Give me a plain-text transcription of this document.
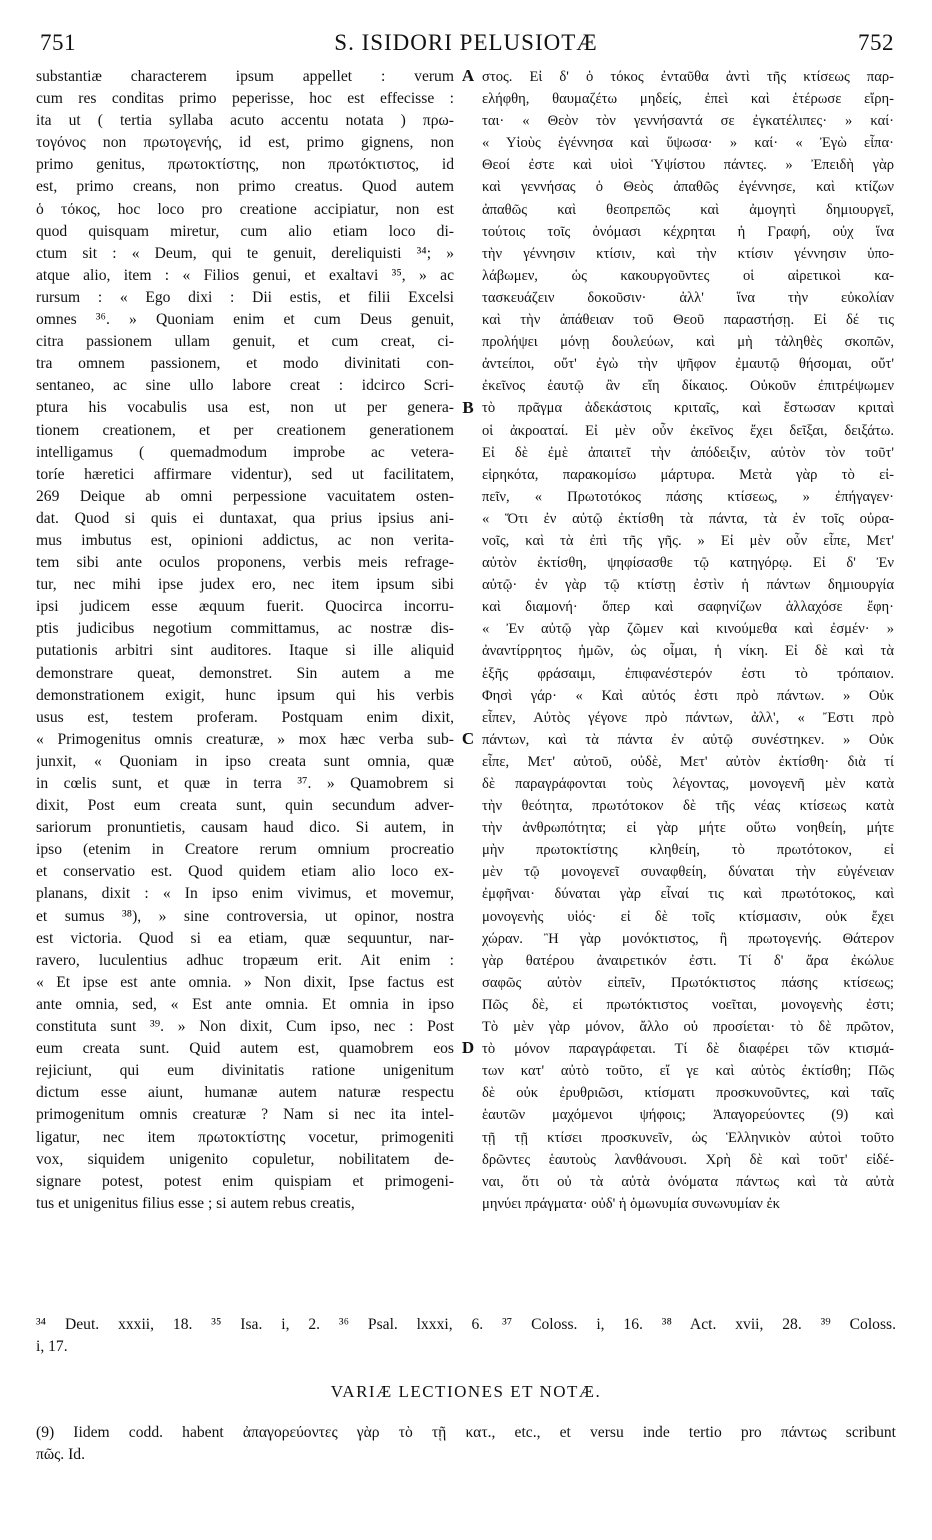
751	S. ISIDORI PELUSIOTÆ	752
substantiæ characterem ipsum appellet : verum
cum res conditas primo peperisse, hoc est effecisse :
ita ut ( tertia syllaba acuto accentu notata ) πρω-
τογόνος non πρωτογενής, id est, primo gignens, non
primo genitus, πρωτοκτίστης, non πρωτόκτιστος, id
est, primo creans, non primo creatus. Quod autem
ὁ τόκος, hoc loco pro creatione accipiatur, non est
quod quisquam miretur, cum alio etiam loco di-
ctum sit : « Deum, qui te genuit, dereliquisti ³⁴; »
atque alio, item : « Filios genui, et exaltavi ³⁵, » ac
rursum : « Ego dixi : Dii estis, et filii Excelsi
omnes ³⁶. » Quoniam enim et cum Deus genuit,
citra passionem ullam genuit, et cum creat, ci-
tra omnem passionem, et modo divinitati con-
sentaneo, ac sine ullo labore creat : idcirco Scri-
ptura his vocabulis usa est, non ut per genera-
tionem creationem, et per creationem generationem
intelligamus ( quemadmodum improbe ac vetera-
toríe hæretici affirmare videntur), sed ut facilitatem,
269 Deique ab omni perpessione vacuitatem osten-
dat. Quod si quis ei duntaxat, qua prius ipsius ani-
mus imbutus est, opinioni addictus, ac non verita-
tem sibi ante oculos proponens, verbis meis refrage-
tur, nec mihi ipse judex ero, nec item ipsum sibi
ipsi judicem esse æquum fuerit. Quocirca incorru-
ptis judicibus negotium committamus, ac nostræ dis-
putationis arbitri sint auditores. Itaque si ille aliquid
demonstrare queat, demonstret. Sin autem a me
demonstrationem exigit, hunc ipsum qui his verbis
usus est, testem proferam. Postquam enim dixit,
« Primogenitus omnis creaturæ, » mox hæc verba sub-
junxit, « Quoniam in ipso creata sunt omnia, quæ
in cœlis sunt, et quæ in terra ³⁷. » Quamobrem si
dixit, Post eum creata sunt, quin secundum adver-
sariorum pronuntietis, causam haud dico. Si autem, in
ipso (etenim in Creatore rerum omnium procreatio
et conservatio est. Quod quidem etiam alio loco ex-
planans, dixit : « In ipso enim vivimus, et movemur,
et sumus ³⁸), » sine controversia, ut opinor, nostra
est victoria. Quod si ea etiam, quæ sequuntur, nar-
ravero, luculentius adhuc tropæum erit. Ait enim :
« Et ipse est ante omnia. » Non dixit, Ipse factus est
ante omnia, sed, « Est ante omnia. Et omnia in ipso
constituta sunt ³⁹. » Non dixit, Cum ipso, nec : Post
eum creata sunt. Quid autem est, quamobrem eos
rejiciunt, qui eum divinitatis ratione unigenitum
dictum esse aiunt, humanæ autem naturæ respectu
primogenitum omnis creaturæ ? Nam si nec ita intel-
ligatur, nec item πρωτοκτίστης vocetur, primogeniti
vox, siquidem unigenito copuletur, nobilitatem de-
signare potest, potest enim quispiam et primogeni-
tus et unigenitus filius esse ; si autem rebus creatis,
A
B
C
D
στος. Εἰ δ' ὁ τόκος ἐνταῦθα ἀντὶ τῆς κτίσεως παρ-
ελήφθη, θαυμαζέτω μηδείς, ἐπεὶ καὶ ἑτέρωσε εἴρη-
ται· « Θεὸν τὸν γεννήσαντά σε ἐγκατέλιπες· » καί·
« Υἱοὺς ἐγέννησα καὶ ὕψωσα· » καί· « Ἐγὼ εἶπα·
Θεοί ἐστε καὶ υἱοὶ Ὑψίστου πάντες. » Ἐπειδὴ γὰρ
καὶ γεννήσας ὁ Θεὸς ἀπαθῶς ἐγέννησε, καὶ κτίζων
ἀπαθῶς καὶ θεοπρεπῶς καὶ ἀμογητὶ δημιουργεῖ,
τούτοις τοῖς ὀνόμασι κέχρηται ἡ Γραφή, οὐχ ἵνα
τὴν γέννησιν κτίσιν, καὶ τὴν κτίσιν γέννησιν ὑπο-
λάβωμεν, ὡς κακουργοῦντες οἱ αἱρετικοὶ κα-
τασκευάζειν δοκοῦσιν· ἀλλ' ἵνα τὴν εὐκολίαν
καὶ τὴν ἀπάθειαν τοῦ Θεοῦ παραστήσῃ. Εἰ δέ τις
προλήψει μόνῃ δουλεύων, καὶ μὴ τἀληθὲς σκοπῶν,
ἀντείποι, οὔτ' ἐγὼ τὴν ψῆφον ἐμαυτῷ θήσομαι, οὔτ'
ἐκεῖνος ἑαυτῷ ἂν εἴη δίκαιος. Οὐκοῦν ἐπιτρέψωμεν
τὸ πρᾶγμα ἀδεκάστοις κριταῖς, καὶ ἔστωσαν κριταὶ
οἱ ἀκροαταί. Εἰ μὲν οὖν ἐκεῖνος ἔχει δεῖξαι, δειξάτω.
Εἰ δὲ ἐμὲ ἀπαιτεῖ τὴν ἀπόδειξιν, αὐτὸν τὸν τοῦτ'
εἰρηκότα, παρακομίσω μάρτυρα. Μετὰ γὰρ τὸ εἰ-
πεῖν, « Πρωτοτόκος πάσης κτίσεως, » ἐπήγαγεν·
« Ὅτι ἐν αὐτῷ ἐκτίσθη τὰ πάντα, τὰ ἐν τοῖς οὐρα-
νοῖς, καὶ τὰ ἐπὶ τῆς γῆς. » Εἰ μὲν οὖν εἶπε, Μετ'
αὐτὸν ἐκτίσθη, ψηφίσασθε τῷ κατηγόρῳ. Εἰ δ' Ἐν
αὐτῷ· ἐν γὰρ τῷ κτίστῃ ἐστὶν ἡ πάντων δημιουργία
καὶ διαμονή· ὅπερ καὶ σαφηνίζων ἀλλαχόσε ἔφη·
« Ἐν αὐτῷ γὰρ ζῶμεν καὶ κινούμεθα καὶ ἐσμέν· »
ἀναντίρρητος ἡμῶν, ὡς οἶμαι, ἡ νίκη. Εἰ δὲ καὶ τὰ
ἑξῆς φράσαιμι, ἐπιφανέστερόν ἐστι τὸ τρόπαιον.
Φησὶ γάρ· « Καὶ αὐτός ἐστι πρὸ πάντων. » Οὐκ
εἶπεν, Αὐτὸς γέγονε πρὸ πάντων, ἀλλ', « Ἔστι πρὸ
πάντων, καὶ τὰ πάντα ἐν αὐτῷ συνέστηκεν. » Οὐκ
εἶπε, Μετ' αὐτοῦ, οὐδὲ, Μετ' αὐτὸν ἐκτίσθη· διὰ τί
δὲ παραγράφονται τοὺς λέγοντας, μονογενῆ μὲν κατὰ
τὴν θεότητα, πρωτότοκον δὲ τῆς νέας κτίσεως κατὰ
τὴν ἀνθρωπότητα; εἰ γὰρ μήτε οὕτω νοηθείη, μήτε
μὴν πρωτοκτίστης κληθείη, τὸ πρωτότοκον, εἰ
μὲν τῷ μονογενεῖ συναφθείη, δύναται τὴν εὐγένειαν
ἐμφῆναι· δύναται γὰρ εἶναί τις καὶ πρωτότοκος, καὶ
μονογενὴς υἱός· εἰ δὲ τοῖς κτίσμασιν, οὐκ ἔχει
χώραν. Ἢ γὰρ μονόκτιστος, ἢ πρωτογενής. Θάτερον
γὰρ θατέρου ἀναιρετικόν ἐστι. Τί δ' ἄρα ἐκώλυε
σαφῶς αὐτὸν εἰπεῖν, Πρωτόκτιστος πάσης κτίσεως;
Πῶς δὲ, εἰ πρωτόκτιστος νοεῖται, μονογενὴς ἐστι;
Τὸ μὲν γὰρ μόνον, ἄλλο οὐ προσίεται· τὸ δὲ πρῶτον,
τὸ μόνον παραγράφεται. Τί δὲ διαφέρει τῶν κτισμά-
των κατ' αὐτὸ τοῦτο, εἴ γε καὶ αὐτὸς ἐκτίσθη; Πῶς
δὲ οὐκ ἐρυθριῶσι, κτίσματι προσκυνοῦντες, καὶ ταῖς
ἑαυτῶν μαχόμενοι ψήφοις; Ἀπαγορεύοντες (9) καὶ
τῇ τῇ κτίσει προσκυνεῖν, ὡς Ἑλληνικὸν αὐτοὶ τοῦτο
δρῶντες ἑαυτοὺς λανθάνουσι. Χρὴ δὲ καὶ τοῦτ' εἰδέ-
ναι, ὅτι οὐ τὰ αὐτὰ ὀνόματα πάντως καὶ τὰ αὐτὰ
μηνύει πράγματα· οὐδ' ἡ ὁμωνυμία συνωνυμίαν ἐκ
³⁴ Deut. xxxii, 18. ³⁵ Isa. i, 2. ³⁶ Psal. lxxxi, 6. ³⁷ Coloss. i, 16. ³⁸ Act. xvii, 28. ³⁹ Coloss.
i, 17.
VARIÆ LECTIONES ET NOTÆ.
(9) Iidem codd. habent ἀπαγορεύοντες γὰρ τὸ τῇ κατ., etc., et versu inde tertio pro πάντως scribunt
πῶς. Id.
